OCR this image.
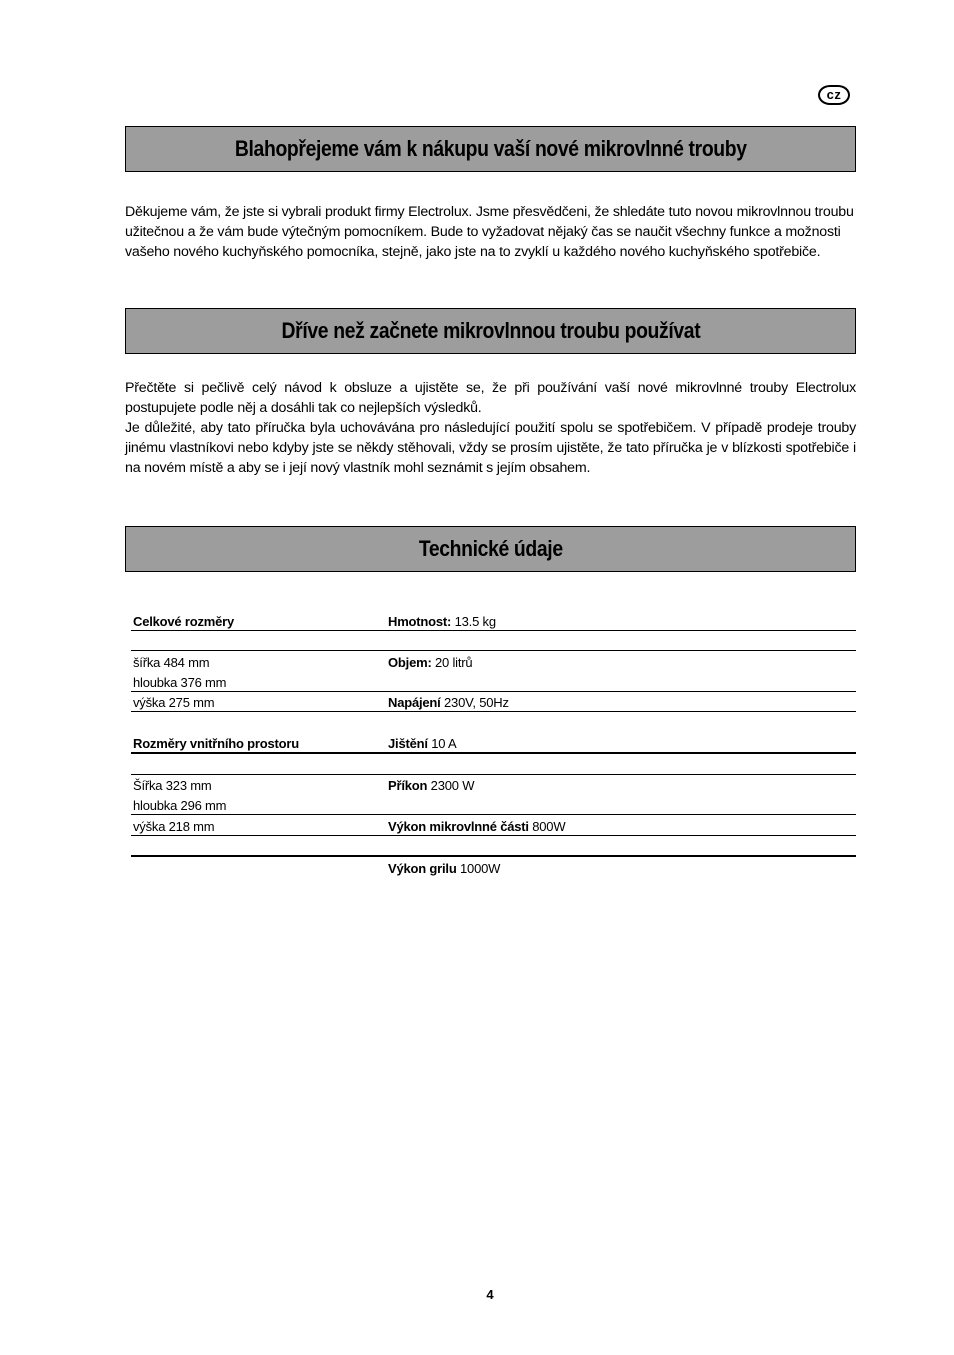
cz
Blahopřejeme vám k nákupu vaší nové mikrovlnné trouby

Děkujeme vám, že jste si vybrali produkt firmy Electrolux. Jsme přesvědčeni, že shledáte tuto novou mikrovlnnou troubu užitečnou a že vám bude výtečným pomocníkem. Bude to vyžadovat nějaký čas se naučit všechny funkce a možnosti vašeho nového kuchyňského pomocníka, stejně, jako jste na to zvyklí u každého nového kuchyňského spotřebiče.

Dříve než začnete mikrovlnnou troubu používat

Přečtěte si pečlivě celý návod k obsluze a ujistěte se, že při používání vaší nové mikrovlnné trouby Electrolux postupujete podle něj a dosáhli tak co nejlepších výsledků.

Je důležité, aby tato příručka byla uchovávána pro následující použití spolu se spotřebičem. V případě prodeje trouby jinému vlastníkovi nebo kdyby jste se někdy stěhovali, vždy se prosím ujistěte, že tato příručka je v blízkosti spotřebiče i na novém místě a aby se i její nový vlastník mohl seznámit s jejím obsahem.

Technické údaje
Celkové rozměry	Hmotnost: 13.5 kg

šířka 484 mm	Objem: 20 litrů
hloubka 376 mm	
výška 275 mm	Napájení 230V, 50Hz

Rozměry vnitřního prostoru	Jištění 10 A

Šířka 323 mm	Příkon 2300 W
hloubka 296 mm	
výška 218 mm	Výkon mikrovlnné části 800W

	Výkon grilu 1000W
4
